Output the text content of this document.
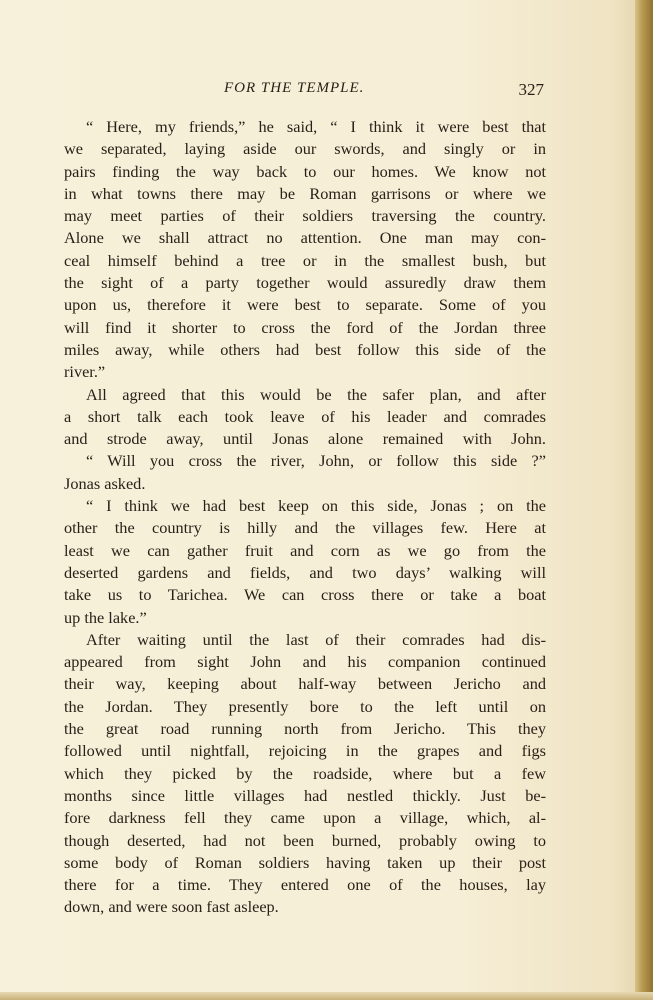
FOR THE TEMPLE.	327
“ Here, my friends,” he said, “ I think it were best that
we separated, laying aside our swords, and singly or in
pairs finding the way back to our homes. We know not
in what towns there may be Roman garrisons or where we
may meet parties of their soldiers traversing the country.
Alone we shall attract no attention. One man may con-
ceal himself behind a tree or in the smallest bush, but
the sight of a party together would assuredly draw them
upon us, therefore it were best to separate. Some of you
will find it shorter to cross the ford of the Jordan three
miles away, while others had best follow this side of the
river.”
All agreed that this would be the safer plan, and after
a short talk each took leave of his leader and comrades
and strode away, until Jonas alone remained with John.
“ Will you cross the river, John, or follow this side ?”
Jonas asked.
“ I think we had best keep on this side, Jonas ; on the
other the country is hilly and the villages few. Here at
least we can gather fruit and corn as we go from the
deserted gardens and fields, and two days’ walking will
take us to Tarichea. We can cross there or take a boat
up the lake.”
After waiting until the last of their comrades had dis-
appeared from sight John and his companion continued
their way, keeping about half-way between Jericho and
the Jordan. They presently bore to the left until on
the great road running north from Jericho. This they
followed until nightfall, rejoicing in the grapes and figs
which they picked by the roadside, where but a few
months since little villages had nestled thickly. Just be-
fore darkness fell they came upon a village, which, al-
though deserted, had not been burned, probably owing to
some body of Roman soldiers having taken up their post
there for a time. They entered one of the houses, lay
down, and were soon fast asleep.
